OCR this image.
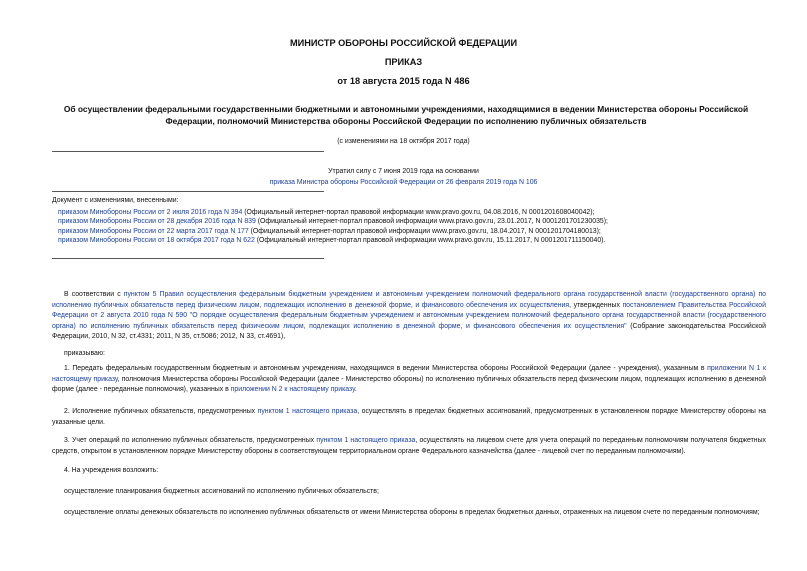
МИНИСТР ОБОРОНЫ РОССИЙСКОЙ ФЕДЕРАЦИИ
ПРИКАЗ
от 18 августа 2015 года N 486
Об осуществлении федеральными государственными бюджетными и автономными учреждениями, находящимися в ведении Министерства обороны Российской Федерации, полномочий Министерства обороны Российской Федерации по исполнению публичных обязательств
(с изменениями на 18 октября 2017 года)
Утратил силу с 7 июня 2019 года на основании
приказа Министра обороны Российской Федерации от 26 февраля 2019 года N 106
Документ с изменениями, внесенными:
приказом Минобороны России от 2 июля 2016 года N 394 (Официальный интернет-портал правовой информации www.pravo.gov.ru, 04.08.2016, N 0001201608040042);
приказом Минобороны России от 28 декабря 2016 года N 839 (Официальный интернет-портал правовой информации www.pravo.gov.ru, 23.01.2017, N 0001201701230035);
приказом Минобороны России от 22 марта 2017 года N 177 (Официальный интернет-портал правовой информации www.pravo.gov.ru, 18.04.2017, N 0001201704180013);
приказом Минобороны России от 18 октября 2017 года N 622 (Официальный интернет-портал правовой информации www.pravo.gov.ru, 15.11.2017, N 0001201711150040).
В соответствии с пунктом 5 Правил осуществления федеральным бюджетным учреждением и автономным учреждением полномочий федерального органа государственной власти (государственного органа) по исполнению публичных обязательств перед физическим лицом, подлежащих исполнению в денежной форме, и финансового обеспечения их осуществления, утвержденных постановлением Правительства Российской Федерации от 2 августа 2010 года N 590 "О порядке осуществления федеральным бюджетным учреждением и автономным учреждением полномочий федерального органа государственной власти (государственного органа) по исполнению публичных обязательств перед физическим лицом, подлежащих исполнению в денежной форме, и финансового обеспечения их осуществления" (Собрание законодательства Российской Федерации, 2010, N 32, ст.4331; 2011, N 35, ст.5086; 2012, N 33, ст.4691),
приказываю:
1. Передать федеральным государственным бюджетным и автономным учреждениям, находящимся в ведении Министерства обороны Российской Федерации (далее - учреждения), указанным в приложении N 1 к настоящему приказу, полномочия Министерства обороны Российской Федерации (далее - Министерство обороны) по исполнению публичных обязательств перед физическим лицом, подлежащих исполнению в денежной форме (далее - переданные полномочия), указанных в приложении N 2 к настоящему приказу.
2. Исполнение публичных обязательств, предусмотренных пунктом 1 настоящего приказа, осуществлять в пределах бюджетных ассигнований, предусмотренных в установленном порядке Министерству обороны на указанные цели.
3. Учет операций по исполнению публичных обязательств, предусмотренных пунктом 1 настоящего приказа, осуществлять на лицевом счете для учета операций по переданным полномочиям получателя бюджетных средств, открытом в установленном порядке Министерству обороны в соответствующем территориальном органе Федерального казначейства (далее - лицевой счет по переданным полномочиям).
4. На учреждения возложить:
осуществление планирования бюджетных ассигнований по исполнению публичных обязательств;
осуществление оплаты денежных обязательств по исполнению публичных обязательств от имени Министерства обороны в пределах бюджетных данных, отраженных на лицевом счете по переданным полномочиям;
